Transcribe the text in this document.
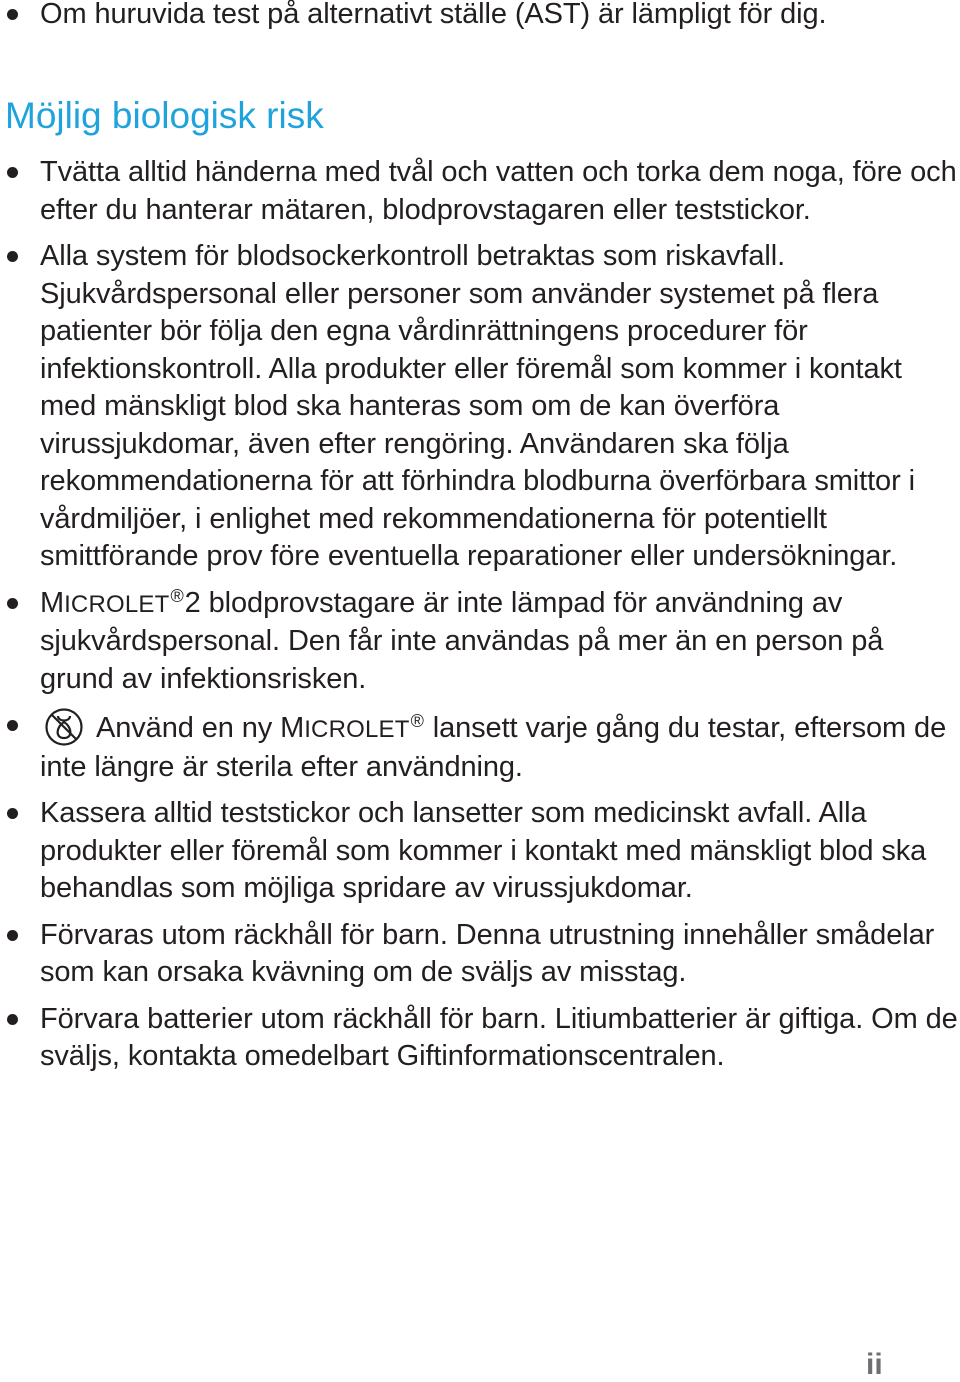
Om huruvida test på alternativt ställe (AST) är lämpligt för dig.
Möjlig biologisk risk
Tvätta alltid händerna med tvål och vatten och torka dem noga, före och efter du hanterar mätaren, blodprovstagaren eller teststickor.
Alla system för blodsockerkontroll betraktas som riskavfall. Sjukvårdspersonal eller personer som använder systemet på flera patienter bör följa den egna vårdinrättningens procedurer för infektionskontroll. Alla produkter eller föremål som kommer i kontakt med mänskligt blod ska hanteras som om de kan överföra virussjukdomar, även efter rengöring. Användaren ska följa rekommendationerna för att förhindra blodburna överförbara smittor i vårdmiljöer, i enlighet med rekommendationerna för potentiellt smittförande prov före eventuella reparationer eller undersökningar.
MICROLET®2 blodprovstagare är inte lämpad för användning av sjukvårdspersonal. Den får inte användas på mer än en person på grund av infektionsrisken.
Använd en ny MICROLET® lansett varje gång du testar, eftersom de inte längre är sterila efter användning.
Kassera alltid teststickor och lansetter som medicinskt avfall. Alla produkter eller föremål som kommer i kontakt med mänskligt blod ska behandlas som möjliga spridare av virussjukdomar.
Förvaras utom räckhåll för barn. Denna utrustning innehåller smådelar som kan orsaka kvävning om de sväljs av misstag.
Förvara batterier utom räckhåll för barn. Litiumbatterier är giftiga. Om de sväljs, kontakta omedelbart Giftinformationscentralen.
ii
